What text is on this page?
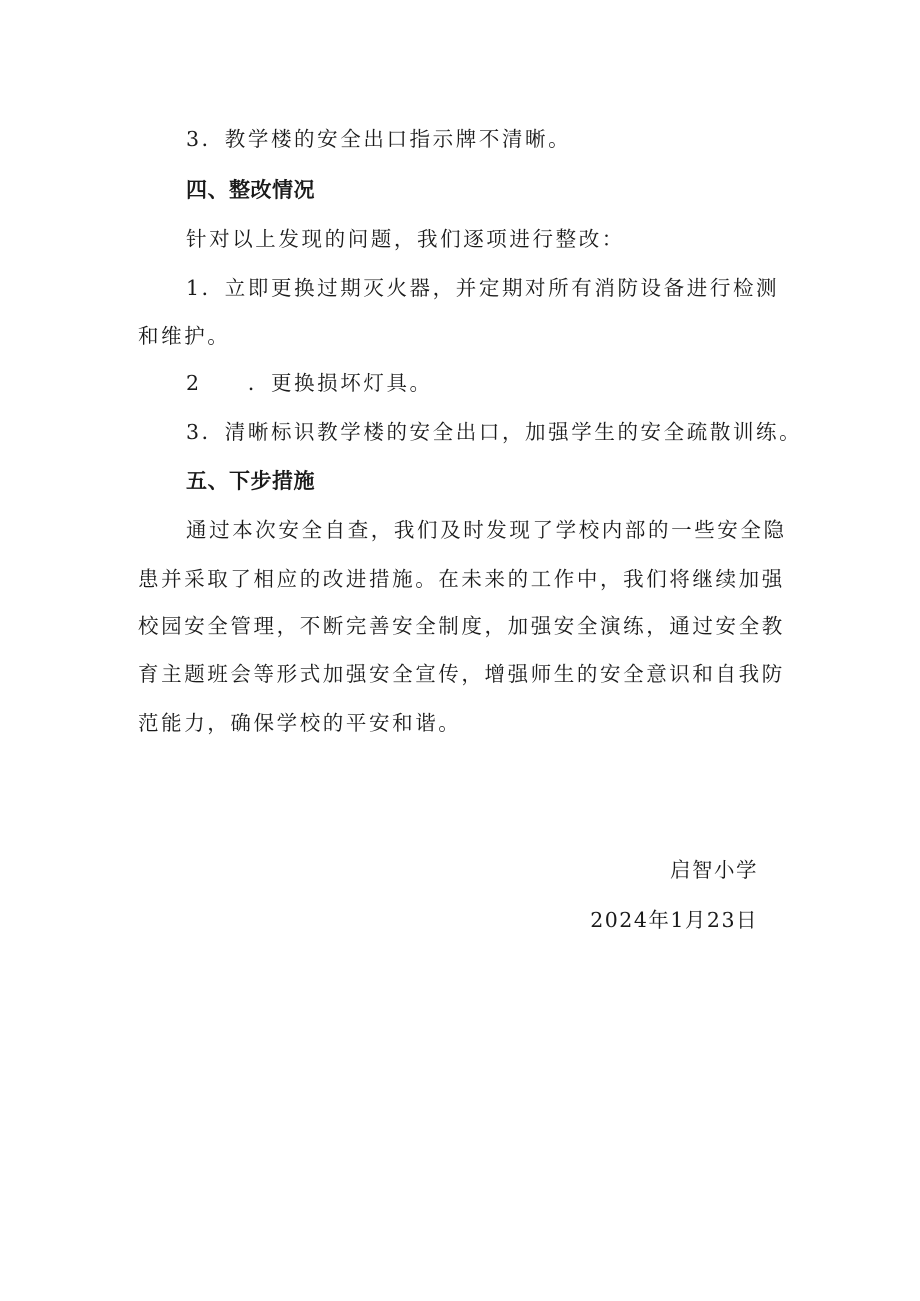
3．教学楼的安全出口指示牌不清晰。
四、整改情况
针对以上发现的问题，我们逐项进行整改：
1．立即更换过期灭火器，并定期对所有消防设备进行检测
和维护。
2　　．更换损坏灯具。
3．清晰标识教学楼的安全出口，加强学生的安全疏散训练。
五、下步措施
通过本次安全自查，我们及时发现了学校内部的一些安全隐
患并采取了相应的改进措施。在未来的工作中，我们将继续加强
校园安全管理，不断完善安全制度，加强安全演练，通过安全教
育主题班会等形式加强安全宣传，增强师生的安全意识和自我防
范能力，确保学校的平安和谐。
启智小学
2024年1月23日
